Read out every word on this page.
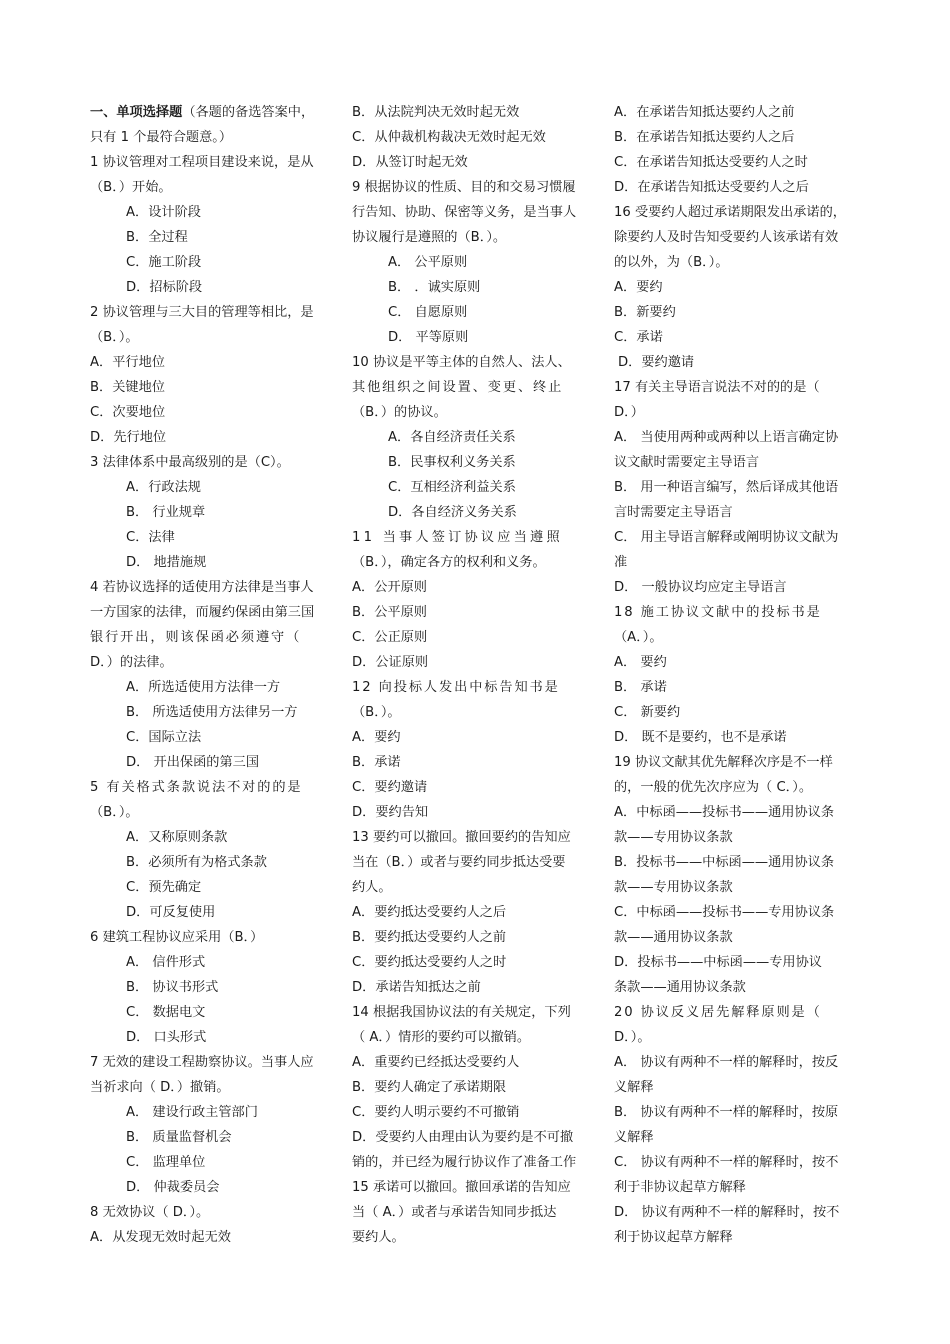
一、单项选择题（各题的备选答案中，
只有 1 个最符合题意。）
1 协议管理对工程项目建设来说，是从
（B．）开始。
A．设计阶段
B．全过程
C．施工阶段
D．招标阶段
2 协议管理与三大目的管理等相比，是
（B．）。
A．平行地位
B．关键地位
C．次要地位
D．先行地位
3 法律体系中最高级别的是（C）。
A．行政法规
B． 行业规章
C．法律
D． 地措施规
4 若协议选择的适使用方法律是当事人
一方国家的法律，而履约保函由第三国
银行开出，则该保函必须遵守（
D．）的法律。
A．所选适使用方法律一方
B． 所选适使用方法律另一方
C．国际立法
D． 开出保函的第三国
5 有关格式条款说法不对的的是
（B．）。
A．又称原则条款
B．必须所有为格式条款
C．预先确定
D．可反复使用
6 建筑工程协议应采用（B．）
A． 信件形式
B． 协议书形式
C． 数据电文
D． 口头形式
7 无效的建设工程勘察协议。当事人应
当祈求向（ D．）撤销。
A． 建设行政主管部门
B． 质量监督机会
C． 监理单位
D． 仲裁委员会
8 无效协议（ D．）。
A．从发现无效时起无效
B．从法院判决无效时起无效
C．从仲裁机构裁决无效时起无效
D．从签订时起无效
9 根据协议的性质、目的和交易习惯履
行告知、协助、保密等义务，是当事人
协议履行是遵照的（B．）。
A． 公平原则
B． ．诚实原则
C． 自愿原则
D． 平等原则
10 协议是平等主体的自然人、法人、
其他组织之间设置、变更、终止
（B．）的协议。
A．各自经济责任关系
B．民事权利义务关系
C．互相经济利益关系
D．各自经济义务关系
11 当事人签订协议应当遵照
（B．），确定各方的权利和义务。
A．公开原则
B．公平原则
C．公正原则
D．公证原则
12 向投标人发出中标告知书是
（B．）。
A．要约
B．承诺
C．要约邀请
D．要约告知
13 要约可以撤回。撤回要约的告知应
当在（B．）或者与要约同步抵达受要
约人。
A．要约抵达受要约人之后
B．要约抵达受要约人之前
C．要约抵达受要约人之时
D．承诺告知抵达之前
14 根据我国协议法的有关规定，下列
（ A．）情形的要约可以撤销。
A．重要约已经抵达受要约人
B．要约人确定了承诺期限
C．要约人明示要约不可撤销
D．受要约人由理由认为要约是不可撤
销的，并已经为履行协议作了准备工作
15 承诺可以撤回。撤回承诺的告知应
当（ A．）或者与承诺告知同步抵达
要约人。
A．在承诺告知抵达要约人之前
B．在承诺告知抵达要约人之后
C．在承诺告知抵达受要约人之时
D．在承诺告知抵达受要约人之后
16 受要约人超过承诺期限发出承诺的，
除要约人及时告知受要约人该承诺有效
的以外，为（B．）。
A．要约
B．新要约
C．承诺
D．要约邀请
17 有关主导语言说法不对的的是（
D．）
A． 当使用两种或两种以上语言确定协
议文献时需要定主导语言
B． 用一种语言编写，然后译成其他语
言时需要定主导语言
C． 用主导语言解释或阐明协议文献为
准
D． 一般协议均应定主导语言
18 施工协议文献中的投标书是
（A．）。
A． 要约
B． 承诺
C． 新要约
D． 既不是要约，也不是承诺
19 协议文献其优先解释次序是不一样
的，一般的优先次序应为（ C．）。
A．中标函——投标书——通用协议条
款——专用协议条款
B．投标书——中标函——通用协议条
款——专用协议条款
C．中标函——投标书——专用协议条
款——通用协议条款
D．投标书——中标函——专用协议
条款——通用协议条款
20 协议反义居先解释原则是（
D．）。
A． 协议有两种不一样的解释时，按反
义解释
B． 协议有两种不一样的解释时，按原
义解释
C． 协议有两种不一样的解释时，按不
利于非协议起草方解释
D． 协议有两种不一样的解释时，按不
利于协议起草方解释
